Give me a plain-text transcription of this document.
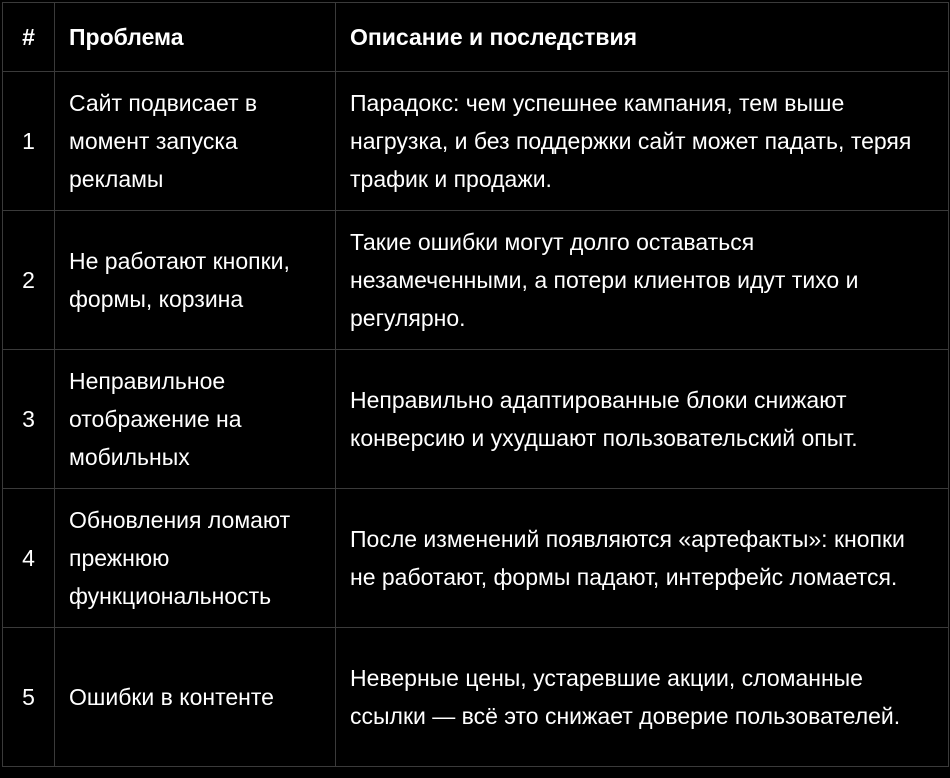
#	Проблема	Описание и последствия
1	Сайт подвисает в момент запуска рекламы	Парадокс: чем успешнее кампания, тем выше нагрузка, и без поддержки сайт может падать, теряя трафик и продажи.
2	Не работают кнопки, формы, корзина	Такие ошибки могут долго оставаться незамеченными, а потери клиентов идут тихо и регулярно.
3	Неправильное отображение на мобильных	Неправильно адаптированные блоки снижают конверсию и ухудшают пользовательский опыт.
4	Обновления ломают прежнюю функциональность	После изменений появляются «артефакты»: кнопки не работают, формы падают, интерфейс ломается.
5	Ошибки в контенте	Неверные цены, устаревшие акции, сломанные ссылки — всё это снижает доверие пользователей.
